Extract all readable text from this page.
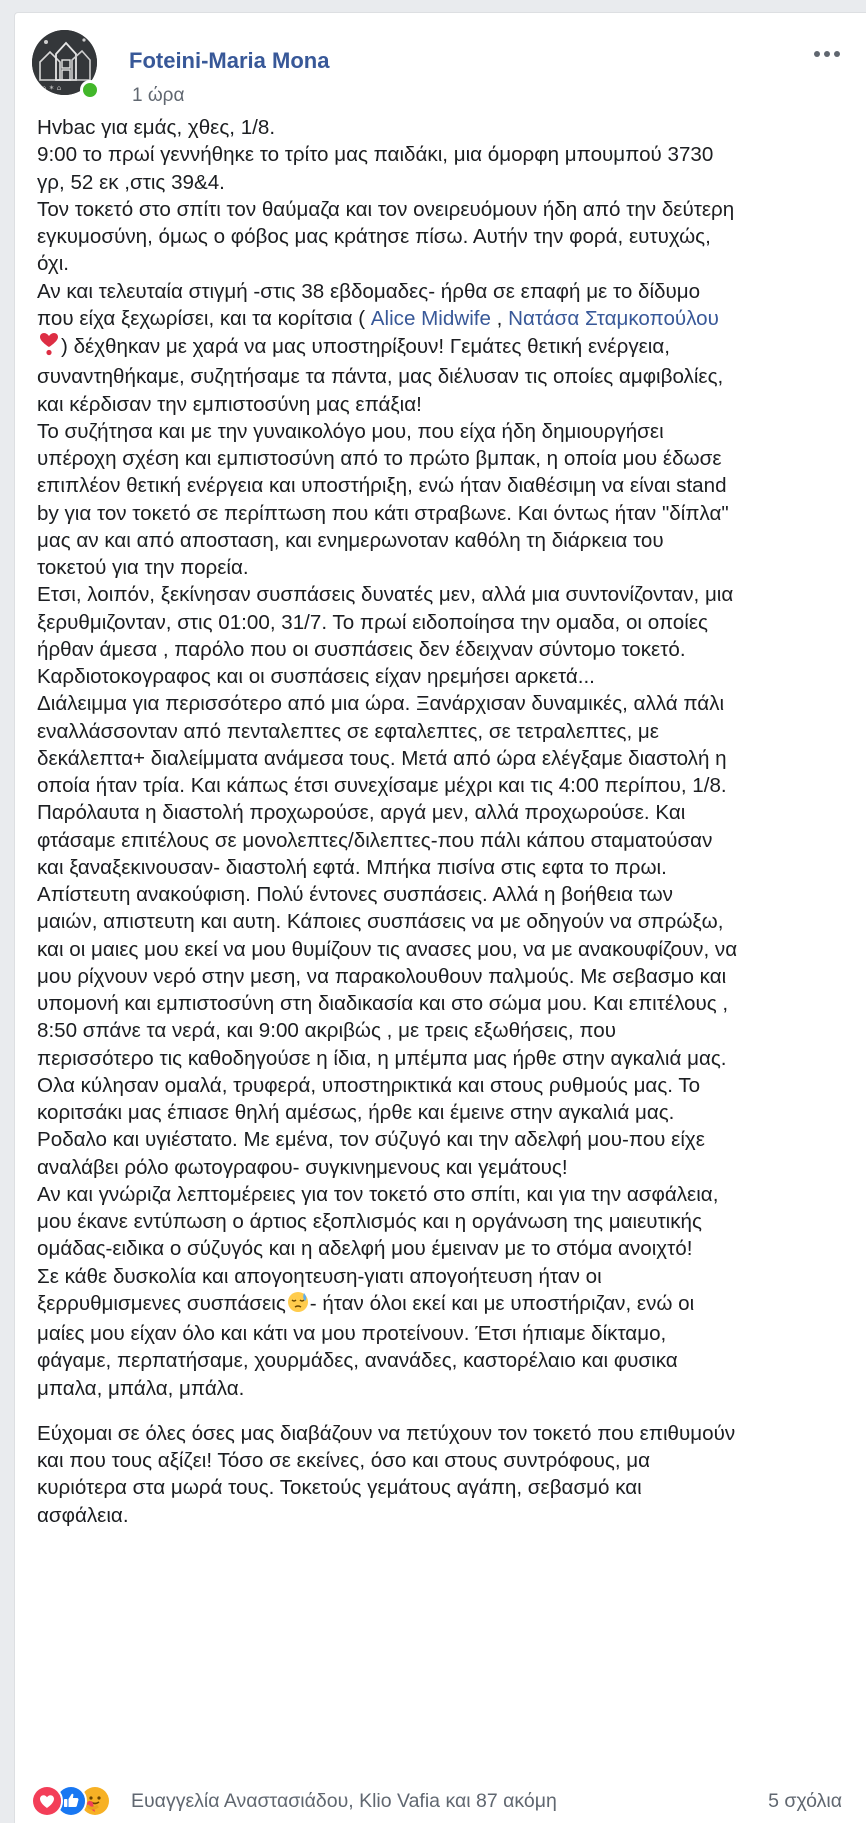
⌂ ✶ ⌂
Foteini-Maria Mona
1 ώρα

Hvbac για εμάς, χθες, 1/8.
9:00 το πρωί γεννήθηκε το τρίτο μας παιδάκι, μια όμορφη μπουμπού 3730
γρ, 52 εκ ,στις 39&4.
Τον τοκετό στο σπίτι τον θαύμαζα και τον ονειρευόμουν ήδη από την δεύτερη
εγκυμοσύνη, όμως ο φόβος μας κράτησε πίσω. Αυτήν την φορά, ευτυχώς,
όχι.
Αν και τελευταία στιγμή -στις 38 εβδομαδες- ήρθα σε επαφή με το δίδυμο
που είχα ξεχωρίσει, και τα κορίτσια ( Alice Midwife , Νατάσα Σταμκοπούλου
) δέχθηκαν με χαρά να μας υποστηρίξουν! Γεμάτες θετική ενέργεια,
συναντηθήκαμε, συζητήσαμε τα πάντα, μας διέλυσαν τις οποίες αμφιβολίες,
και κέρδισαν την εμπιστοσύνη μας επάξια!
Το συζήτησα και με την γυναικολόγο μου, που είχα ήδη δημιουργήσει
υπέροχη σχέση και εμπιστοσύνη από το πρώτο βμπακ, η οποία μου έδωσε
επιπλέον θετική ενέργεια και υποστήριξη, ενώ ήταν διαθέσιμη να είναι stand
by για τον τοκετό σε περίπτωση που κάτι στραβωνε. Και όντως ήταν "δίπλα"
μας αν και από αποσταση, και ενημερωνοταν καθόλη τη διάρκεια του
τοκετού για την πορεία.
Ετσι, λοιπόν, ξεκίνησαν συσπάσεις δυνατές μεν, αλλά μια συντονίζονταν, μια
ξερυθμιζονταν, στις 01:00, 31/7. Το πρωί ειδοποίησα την ομαδα, οι οποίες
ήρθαν άμεσα , παρόλο που οι συσπάσεις δεν έδειχναν σύντομο τοκετό.
Καρδιοτοκογραφος και οι συσπάσεις είχαν ηρεμήσει αρκετά...
Διάλειμμα για περισσότερο από μια ώρα. Ξανάρχισαν δυναμικές, αλλά πάλι
εναλλάσσονταν από πενταλεπτες σε εφταλεπτες, σε τετραλεπτες, με
δεκάλεπτα+ διαλείμματα ανάμεσα τους. Μετά από ώρα ελέγξαμε διαστολή η
οποία ήταν τρία. Και κάπως έτσι συνεχίσαμε μέχρι και τις 4:00 περίπου, 1/8.
Παρόλαυτα η διαστολή προχωρούσε, αργά μεν, αλλά προχωρούσε. Και
φτάσαμε επιτέλους σε μονολεπτες/διλεπτες-που πάλι κάπου σταματούσαν
και ξαναξεκινουσαν- διαστολή εφτά. Μπήκα πισίνα στις εφτα το πρωι.
Απίστευτη ανακούφιση. Πολύ έντονες συσπάσεις. Αλλά η βοήθεια των
μαιών, απιστευτη και αυτη. Κάποιες συσπάσεις να με οδηγούν να σπρώξω,
και οι μαιες μου εκεί να μου θυμίζουν τις ανασες μου, να με ανακουφίζουν, να
μου ρίχνουν νερό στην μεση, να παρακολουθουν παλμούς. Με σεβασμο και
υπομονή και εμπιστοσύνη στη διαδικασία και στο σώμα μου. Και επιτέλους ,
8:50 σπάνε τα νερά, και 9:00 ακριβώς , με τρεις εξωθήσεις, που
περισσότερο τις καθοδηγούσε η ίδια, η μπέμπα μας ήρθε στην αγκαλιά μας.
Ολα κύλησαν ομαλά, τρυφερά, υποστηρικτικά και στους ρυθμούς μας. Το
κοριτσάκι μας έπιασε θηλή αμέσως, ήρθε και έμεινε στην αγκαλιά μας.
Ροδαλο και υγιέστατο. Με εμένα, τον σύζυγό και την αδελφή μου-που είχε
αναλάβει ρόλο φωτογραφου- συγκινημενους και γεμάτους!
Αν και γνώριζα λεπτομέρειες για τον τοκετό στο σπίτι, και για την ασφάλεια,
μου έκανε εντύπωση ο άρτιος εξοπλισμός και η οργάνωση της μαιευτικής
ομάδας-ειδικα ο σύζυγός και η αδελφή μου έμειναν με το στόμα ανοιχτό!
Σε κάθε δυσκολία και απογοητευση-γιατι απογοήτευση ήταν οι
ξερρυθμισμενες συσπάσεις - ήταν όλοι εκεί και με υποστήριζαν, ενώ οι
μαίες μου είχαν όλο και κάτι να μου προτείνουν. Έτσι ήπιαμε δίκταμο,
φάγαμε, περπατήσαμε, χουρμάδες, ανανάδες, καστορέλαιο και φυσικα
μπαλα, μπάλα, μπάλα.

Εύχομαι σε όλες όσες μας διαβάζουν να πετύχουν τον τοκετό που επιθυμούν
και που τους αξίζει! Τόσο σε εκείνες, όσο και στους συντρόφους, μα
κυριότερα στα μωρά τους. Τοκετούς γεμάτους αγάπη, σεβασμό και
ασφάλεια.

Ευαγγελία Αναστασιάδου, Klio Vafia και 87 ακόμη	5 σχόλια
